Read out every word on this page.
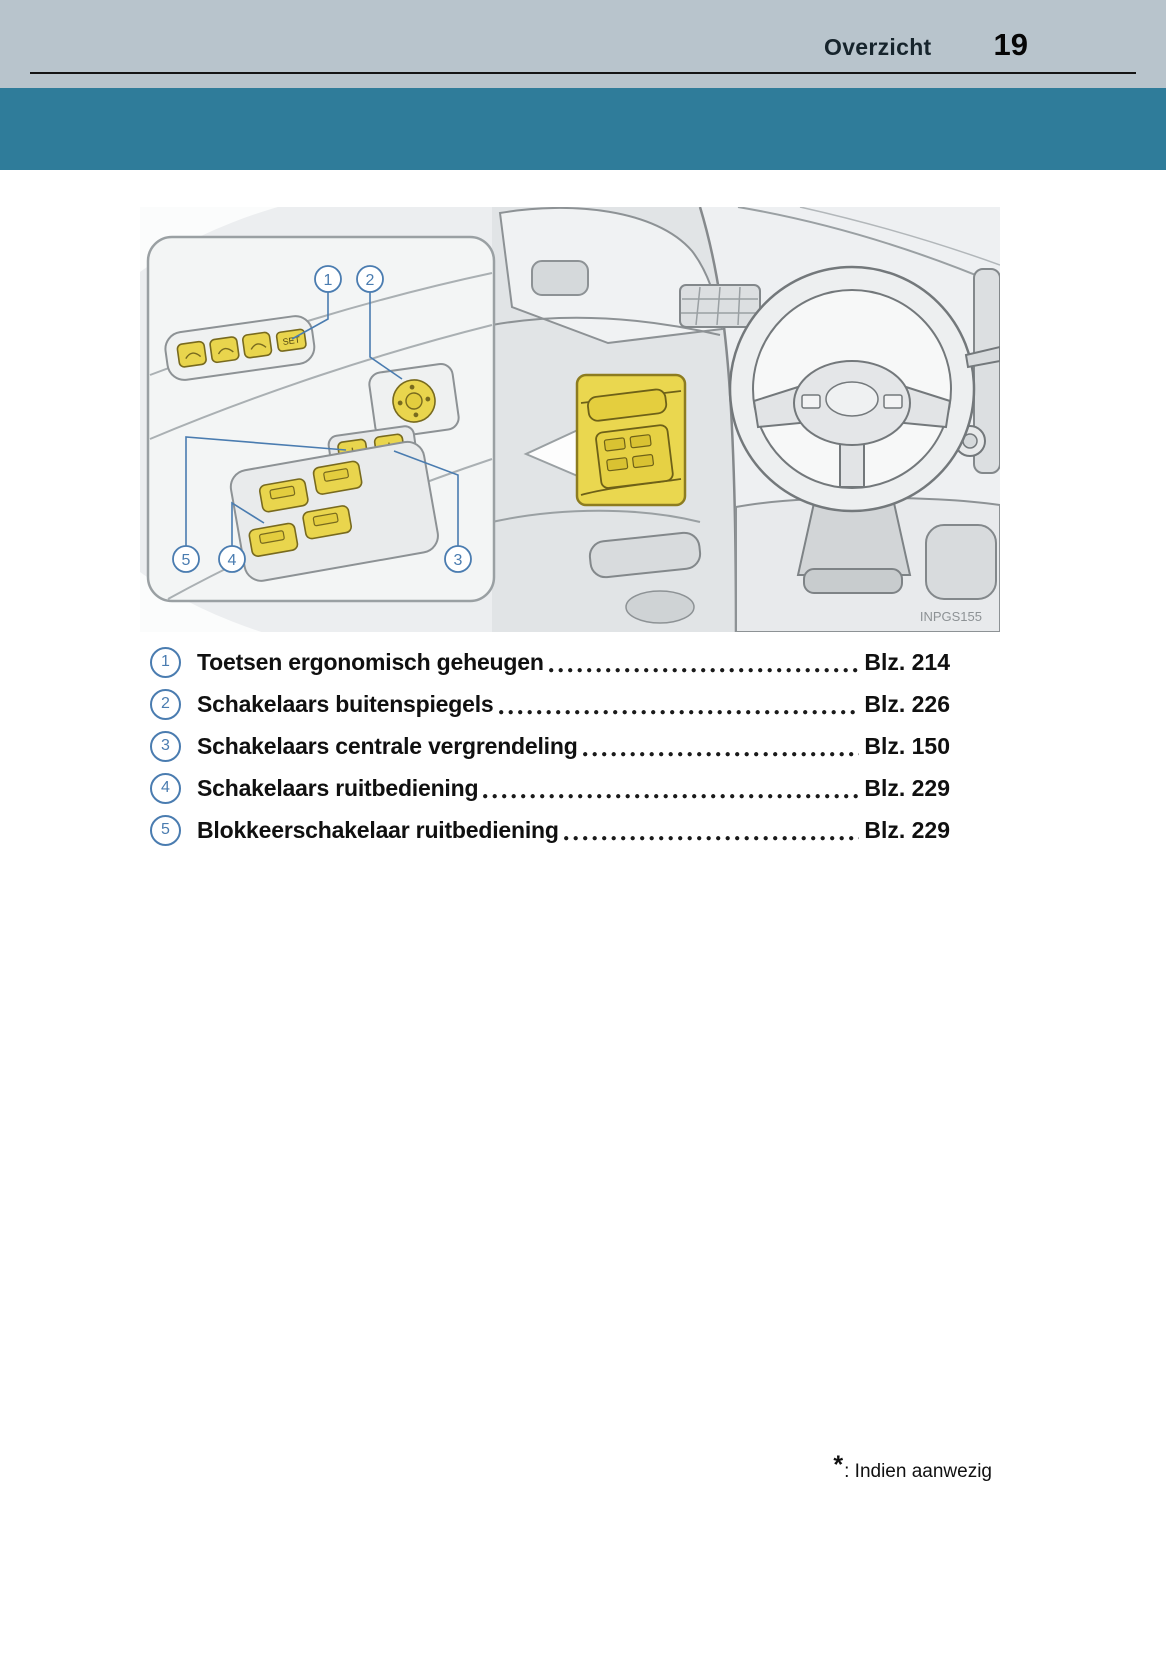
Overzicht 19
SET
1 2
3
4
5
INPGS155
1	Toetsen ergonomisch geheugen	Blz. 214
2	Schakelaars buitenspiegels	Blz. 226
3	Schakelaars centrale vergrendeling	Blz. 150
4	Schakelaars ruitbediening	Blz. 229
5	Blokkeerschakelaar ruitbediening	Blz. 229
*: Indien aanwezig
